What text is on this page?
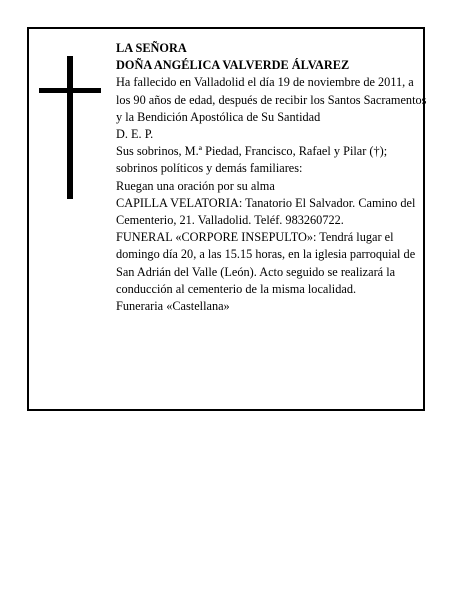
LA SEÑORA

DOÑA ANGÉLICA VALVERDE ÁLVAREZ

Ha fallecido en Valladolid el día 19 de noviembre de 2011, a los 90 años de edad, después de recibir los Santos Sacramentos y la Bendición Apostólica de Su Santidad

D. E. P.

Sus sobrinos, M.ª Piedad, Francisco, Rafael y Pilar (†); sobrinos políticos y demás familiares:

Ruegan una oración por su alma

CAPILLA VELATORIA: Tanatorio El Salvador. Camino del Cementerio, 21. Valladolid. Teléf. 983260722.

FUNERAL «CORPORE INSEPULTO»: Tendrá lugar el domingo día 20, a las 15.15 horas, en la iglesia parroquial de San Adrián del Valle (León). Acto seguido se realizará la conducción al cementerio de la misma localidad.

Funeraria «Castellana»
